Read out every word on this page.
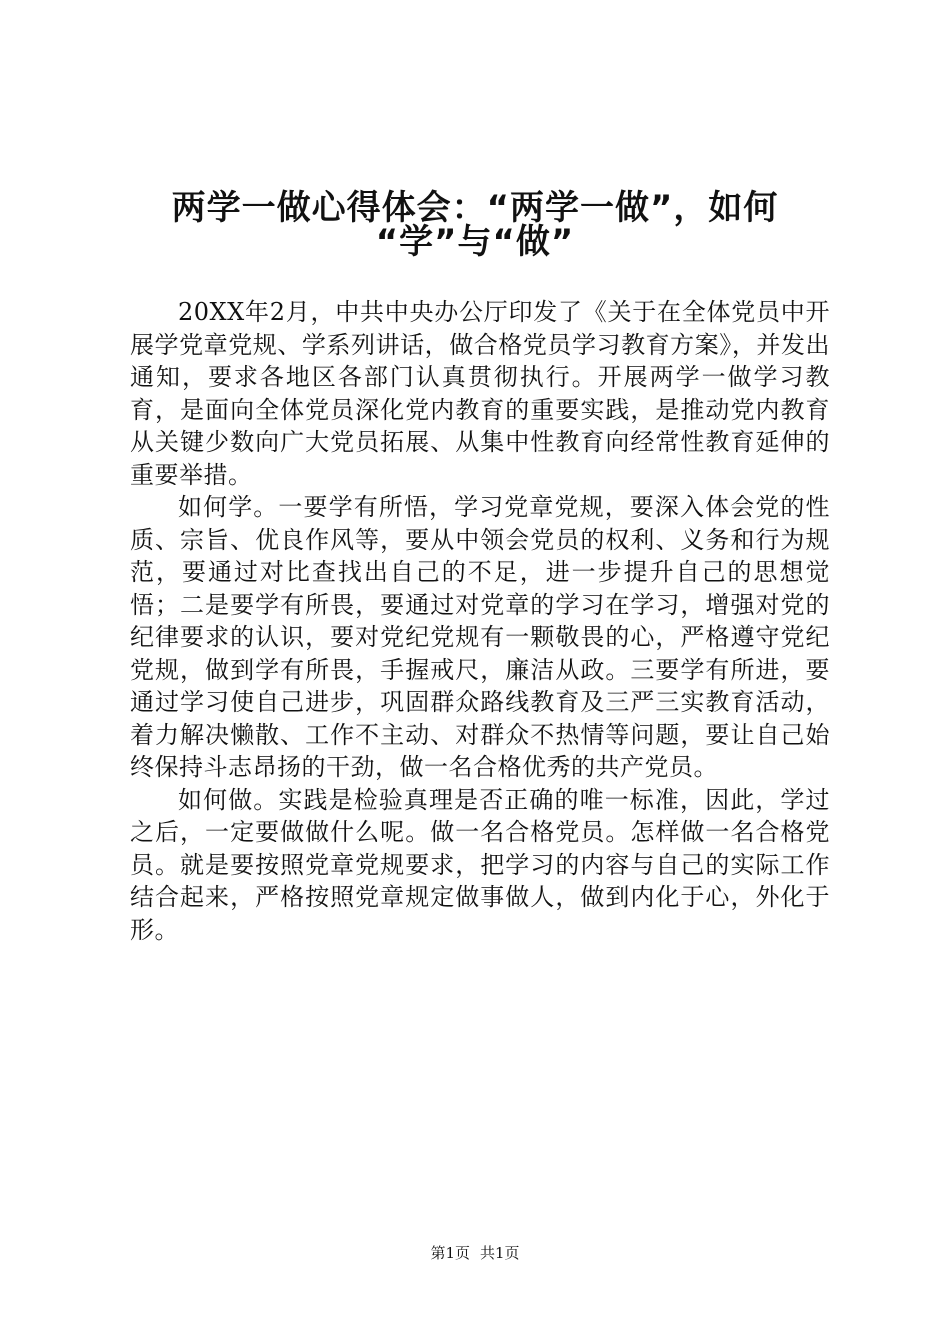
两学一做心得体会：“两学一做”，如何
“学”与“做”

20XX年2月，中共中央办公厅印发了《关于在全体党员中开展学党章党规、学系列讲话，做合格党员学习教育方案》，并发出通知，要求各地区各部门认真贯彻执行。开展两学一做学习教育，是面向全体党员深化党内教育的重要实践，是推动党内教育从关键少数向广大党员拓展、从集中性教育向经常性教育延伸的重要举措。

如何学。一要学有所悟，学习党章党规，要深入体会党的性质、宗旨、优良作风等，要从中领会党员的权利、义务和行为规范，要通过对比查找出自己的不足，进一步提升自己的思想觉悟；二是要学有所畏，要通过对党章的学习在学习，增强对党的纪律要求的认识，要对党纪党规有一颗敬畏的心，严格遵守党纪党规，做到学有所畏，手握戒尺，廉洁从政。三要学有所进，要通过学习使自己进步，巩固群众路线教育及三严三实教育活动，着力解决懒散、工作不主动、对群众不热情等问题，要让自己始终保持斗志昂扬的干劲，做一名合格优秀的共产党员。

如何做。实践是检验真理是否正确的唯一标准，因此，学过之后，一定要做做什么呢。做一名合格党员。怎样做一名合格党员。就是要按照党章党规要求，把学习的内容与自己的实际工作结合起来，严格按照党章规定做事做人，做到内化于心，外化于形。

第1页 共1页
